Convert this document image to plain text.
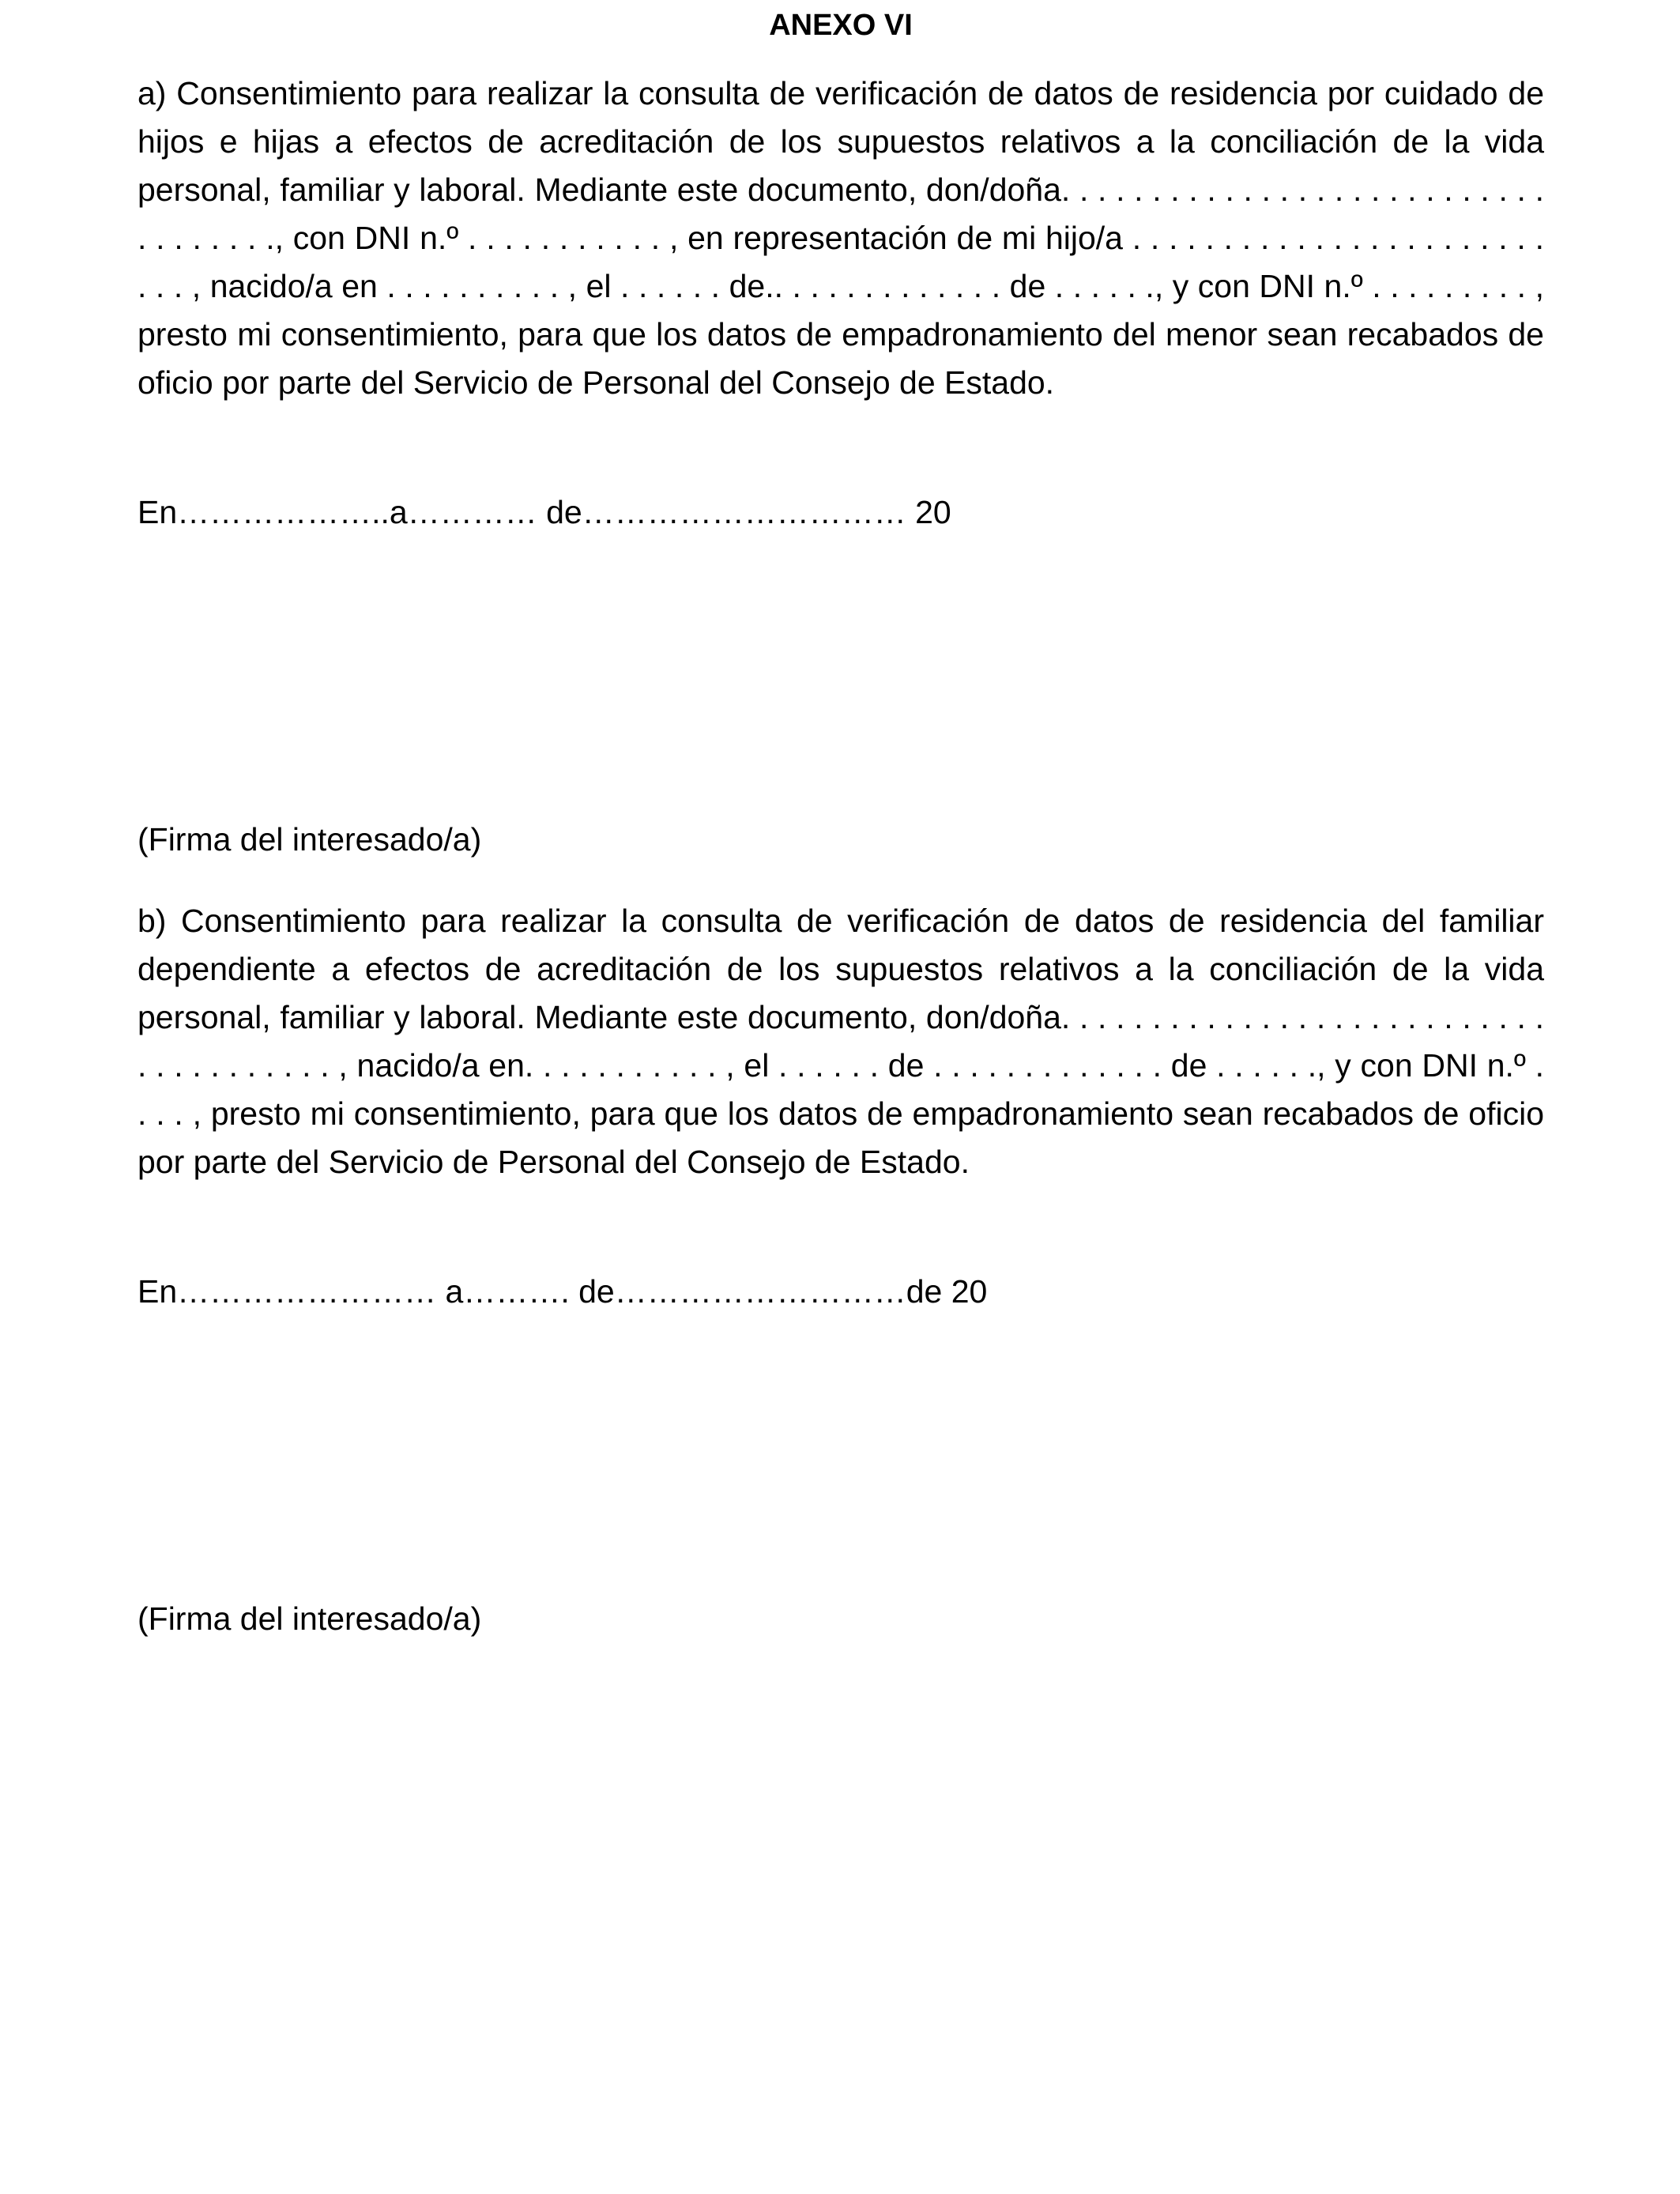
ANEXO VI

a) Consentimiento para realizar la consulta de verificación de datos de residencia por cuidado de hijos e hijas a efectos de acreditación de los supuestos relativos a la conciliación de la vida personal, familiar y laboral. Mediante este documento, don/doña. . . . . . . . . . . . . . . . . . . . . . . . . . . . . . . . . . ., con DNI n.º . . . . . . . . . . . , en representación de mi hijo/a . . . . . . . . . . . . . . . . . . . . . . . . . . , nacido/a en . . . . . . . . . . , el . . . . . . de.. . . . . . . . . . . . . de . . . . . ., y con DNI n.º . . . . . . . . . , presto mi consentimiento, para que los datos de empadronamiento del menor sean recabados de oficio por parte del Servicio de Personal del Consejo de Estado.

En………………..a………… de………………………… 20

(Firma del interesado/a)

b) Consentimiento para realizar la consulta de verificación de datos de residencia del familiar dependiente a efectos de acreditación de los supuestos relativos a la conciliación de la vida personal, familiar y laboral. Mediante este documento, don/doña. . . . . . . . . . . . . . . . . . . . . . . . . . . . . . . . . . . . . . , nacido/a en. . . . . . . . . . . , el . . . . . . de . . . . . . . . . . . . . de . . . . . ., y con DNI n.º . . . . , presto mi consentimiento, para que los datos de empadronamiento sean recabados de oficio por parte del Servicio de Personal del Consejo de Estado.

En…………………… a………. de………………………de 20

(Firma del interesado/a)
